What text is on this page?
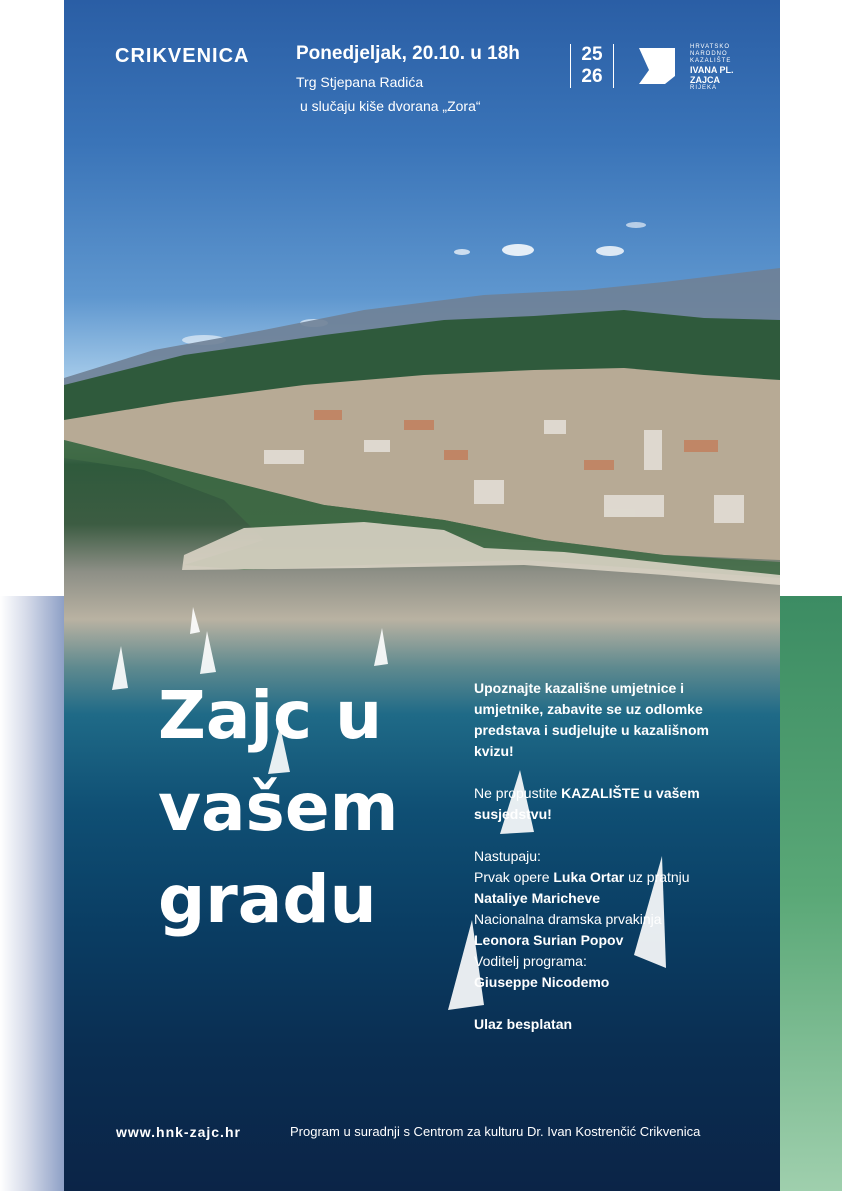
CRIKVENICA Ponedjeljak, 20.10. u 18h
Trg Stjepana Radića
u slučaju kiše dvorana „Zora“
25
26
HRVATSKO
NARODNO
KAZALIŠTE
IVANA PL.
ZAJCA
RIJEKA
Zajc u
vašem
gradu

Upoznajte kazališne umjetnice i umjetnike, zabavite se uz odlomke predstava i sudjelujte u kazališnom kvizu!

Ne propustite KAZALIŠTE u vašem susjedstvu!

Nastupaju:

Prvak opere Luka Ortar uz pratnju

Nataliye Maricheve

Nacionalna dramska prvakinja

Leonora Surian Popov

Voditelj programa:

Giuseppe Nicodemo

Ulaz besplatan

www.hnk-zajc.hr	Program u suradnji s Centrom za kulturu Dr. Ivan Kostrenčić Crikvenica
